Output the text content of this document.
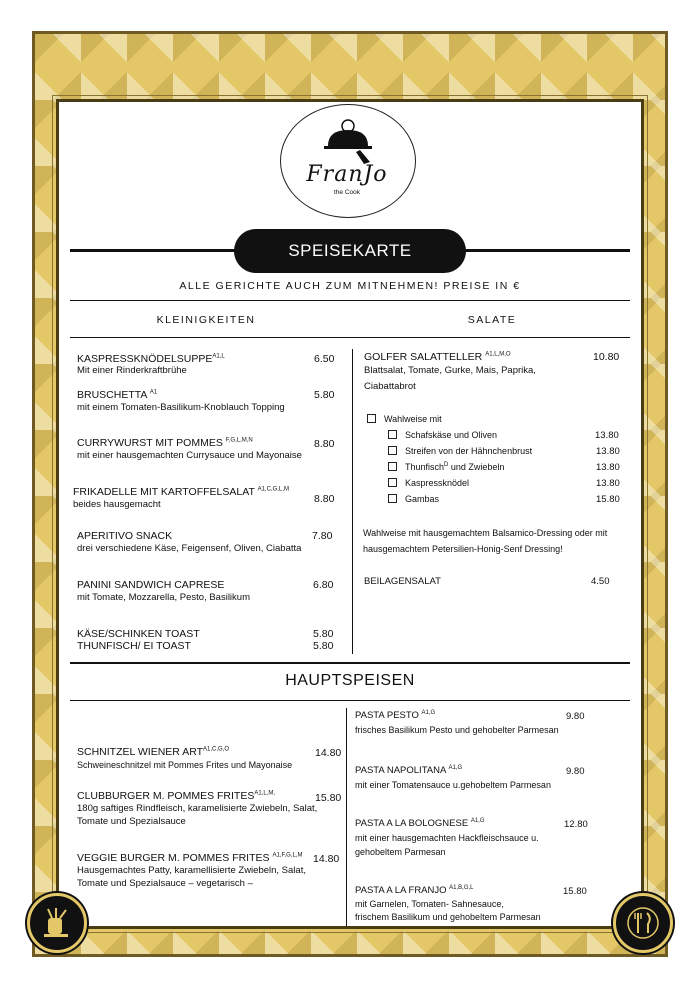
FranJo
the Cook
SPEISEKARTE
ALLE GERICHTE AUCH ZUM MITNEHMEN! PREISE IN €
KLEINIGKEITEN	SALATE
$KASPRESSKNÖDELSUPPE^{A1,L}$	6.50
Mit einer Rinderkraftbrühe
BRUSCHETTA $^{A1}$	5.80
mit einem Tomaten-Basilikum-Knoblauch Topping
CURRYWURST MIT POMMES $^{F,G,L,M,N}$	8.80
mit einer hausgemachten Currysauce und Mayonaise
FRIKADELLE MIT KARTOFFELSALAT $^{A1,C,G,L,M}$
8.80
beides hausgemacht
APERITIVO SNACK	7.80
drei verschiedene Käse, Feigensenf, Oliven, Ciabatta
PANINI SANDWICH CAPRESE	6.80
mit Tomate, Mozzarella, Pesto, Basilikum
KÄSE/SCHINKEN TOAST	5.80
THUNFISCH/ EI TOAST	5.80
GOLFER SALATTELLER $^{A1,L,M,O}$	10.80
Blattsalat, Tomate, Gurke, Mais, Paprika,
Ciabattabrot
Wahlweise mit
Schafskäse und Oliven	13.80
Streifen von der Hähnchenbrust	13.80
Thunfisch$^D$ und Zwiebeln	13.80
Kaspressknödel	13.80
Gambas	15.80
Wahlweise mit hausgemachtem Balsamico-Dressing oder mit
hausgemachtem Petersilien-Honig-Senf Dressing!
BEILAGENSALAT	4.50
HAUPTSPEISEN
SCHNITZEL WIENER $ART^{A1,C,G,O}$	14.80
Schweineschnitzel mit Pommes Frites und Mayonaise
CLUBBURGER M. POMMES $FRITES^{A1,L,M,}$	15.80
180g saftiges Rindfleisch, karamelisierte Zwiebeln, Salat,
Tomate und Spezialsauce
VEGGIE BURGER M. POMMES FRITES $^{A1,F,G,L,M}$ 14.80
Hausgemachtes Patty, karamellisierte Zwiebeln, Salat,
Tomate und Spezialsauce – vegetarisch –
PASTA PESTO $^{A1,G}$	9.80
frisches Basilikum Pesto und gehobelter Parmesan
PASTA NAPOLITANA $^{A1,G}$	9.80
mit einer Tomatensauce u.gehobeltem Parmesan
PASTA A LA BOLOGNESE $^{A1,G}$	12.80
mit einer hausgemachten Hackfleischsauce u.
gehobeltem Parmesan
PASTA A LA FRANJO $^{A1,B,G,L}$	15.80
mit Garnelen, Tomaten- Sahnesauce,
frischem Basilikum und gehobeltem Parmesan
